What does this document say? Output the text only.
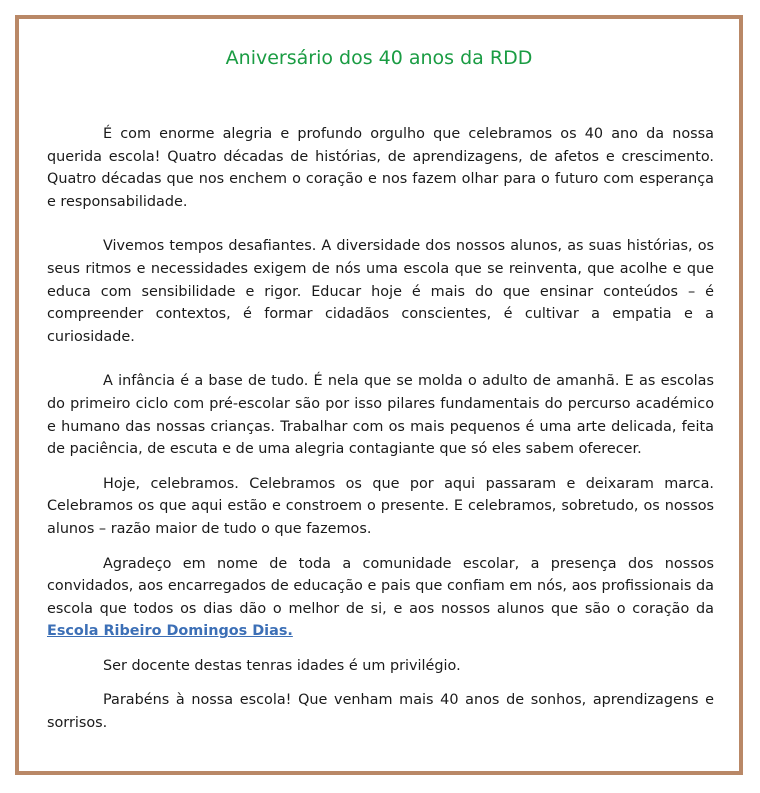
Aniversário dos 40 anos da RDD

É com enorme alegria e profundo orgulho que celebramos os 40 ano da nossa querida escola! Quatro décadas de histórias, de aprendizagens, de afetos e crescimento. Quatro décadas que nos enchem o coração e nos fazem olhar para o futuro com esperança e responsabilidade.

Vivemos tempos desafiantes. A diversidade dos nossos alunos, as suas histórias, os seus ritmos e necessidades exigem de nós uma escola que se reinventa, que acolhe e que educa com sensibilidade e rigor. Educar hoje é mais do que ensinar conteúdos – é compreender contextos, é formar cidadãos conscientes, é cultivar a empatia e a curiosidade.

A infância é a base de tudo. É nela que se molda o adulto de amanhã. E as escolas do primeiro ciclo com pré-escolar são por isso pilares fundamentais do percurso académico e humano das nossas crianças. Trabalhar com os mais pequenos é uma arte delicada, feita de paciência, de escuta e de uma alegria contagiante que só eles sabem oferecer.

Hoje, celebramos. Celebramos os que por aqui passaram e deixaram marca. Celebramos os que aqui estão e constroem o presente. E celebramos, sobretudo, os nossos alunos – razão maior de tudo o que fazemos.

Agradeço em nome de toda a comunidade escolar, a presença dos nossos convidados, aos encarregados de educação e pais que confiam em nós, aos profissionais da escola que todos os dias dão o melhor de si, e aos nossos alunos que são o coração da Escola Ribeiro Domingos Dias.

Ser docente destas tenras idades é um privilégio.

Parabéns à nossa escola! Que venham mais 40 anos de sonhos, aprendizagens e sorrisos.
